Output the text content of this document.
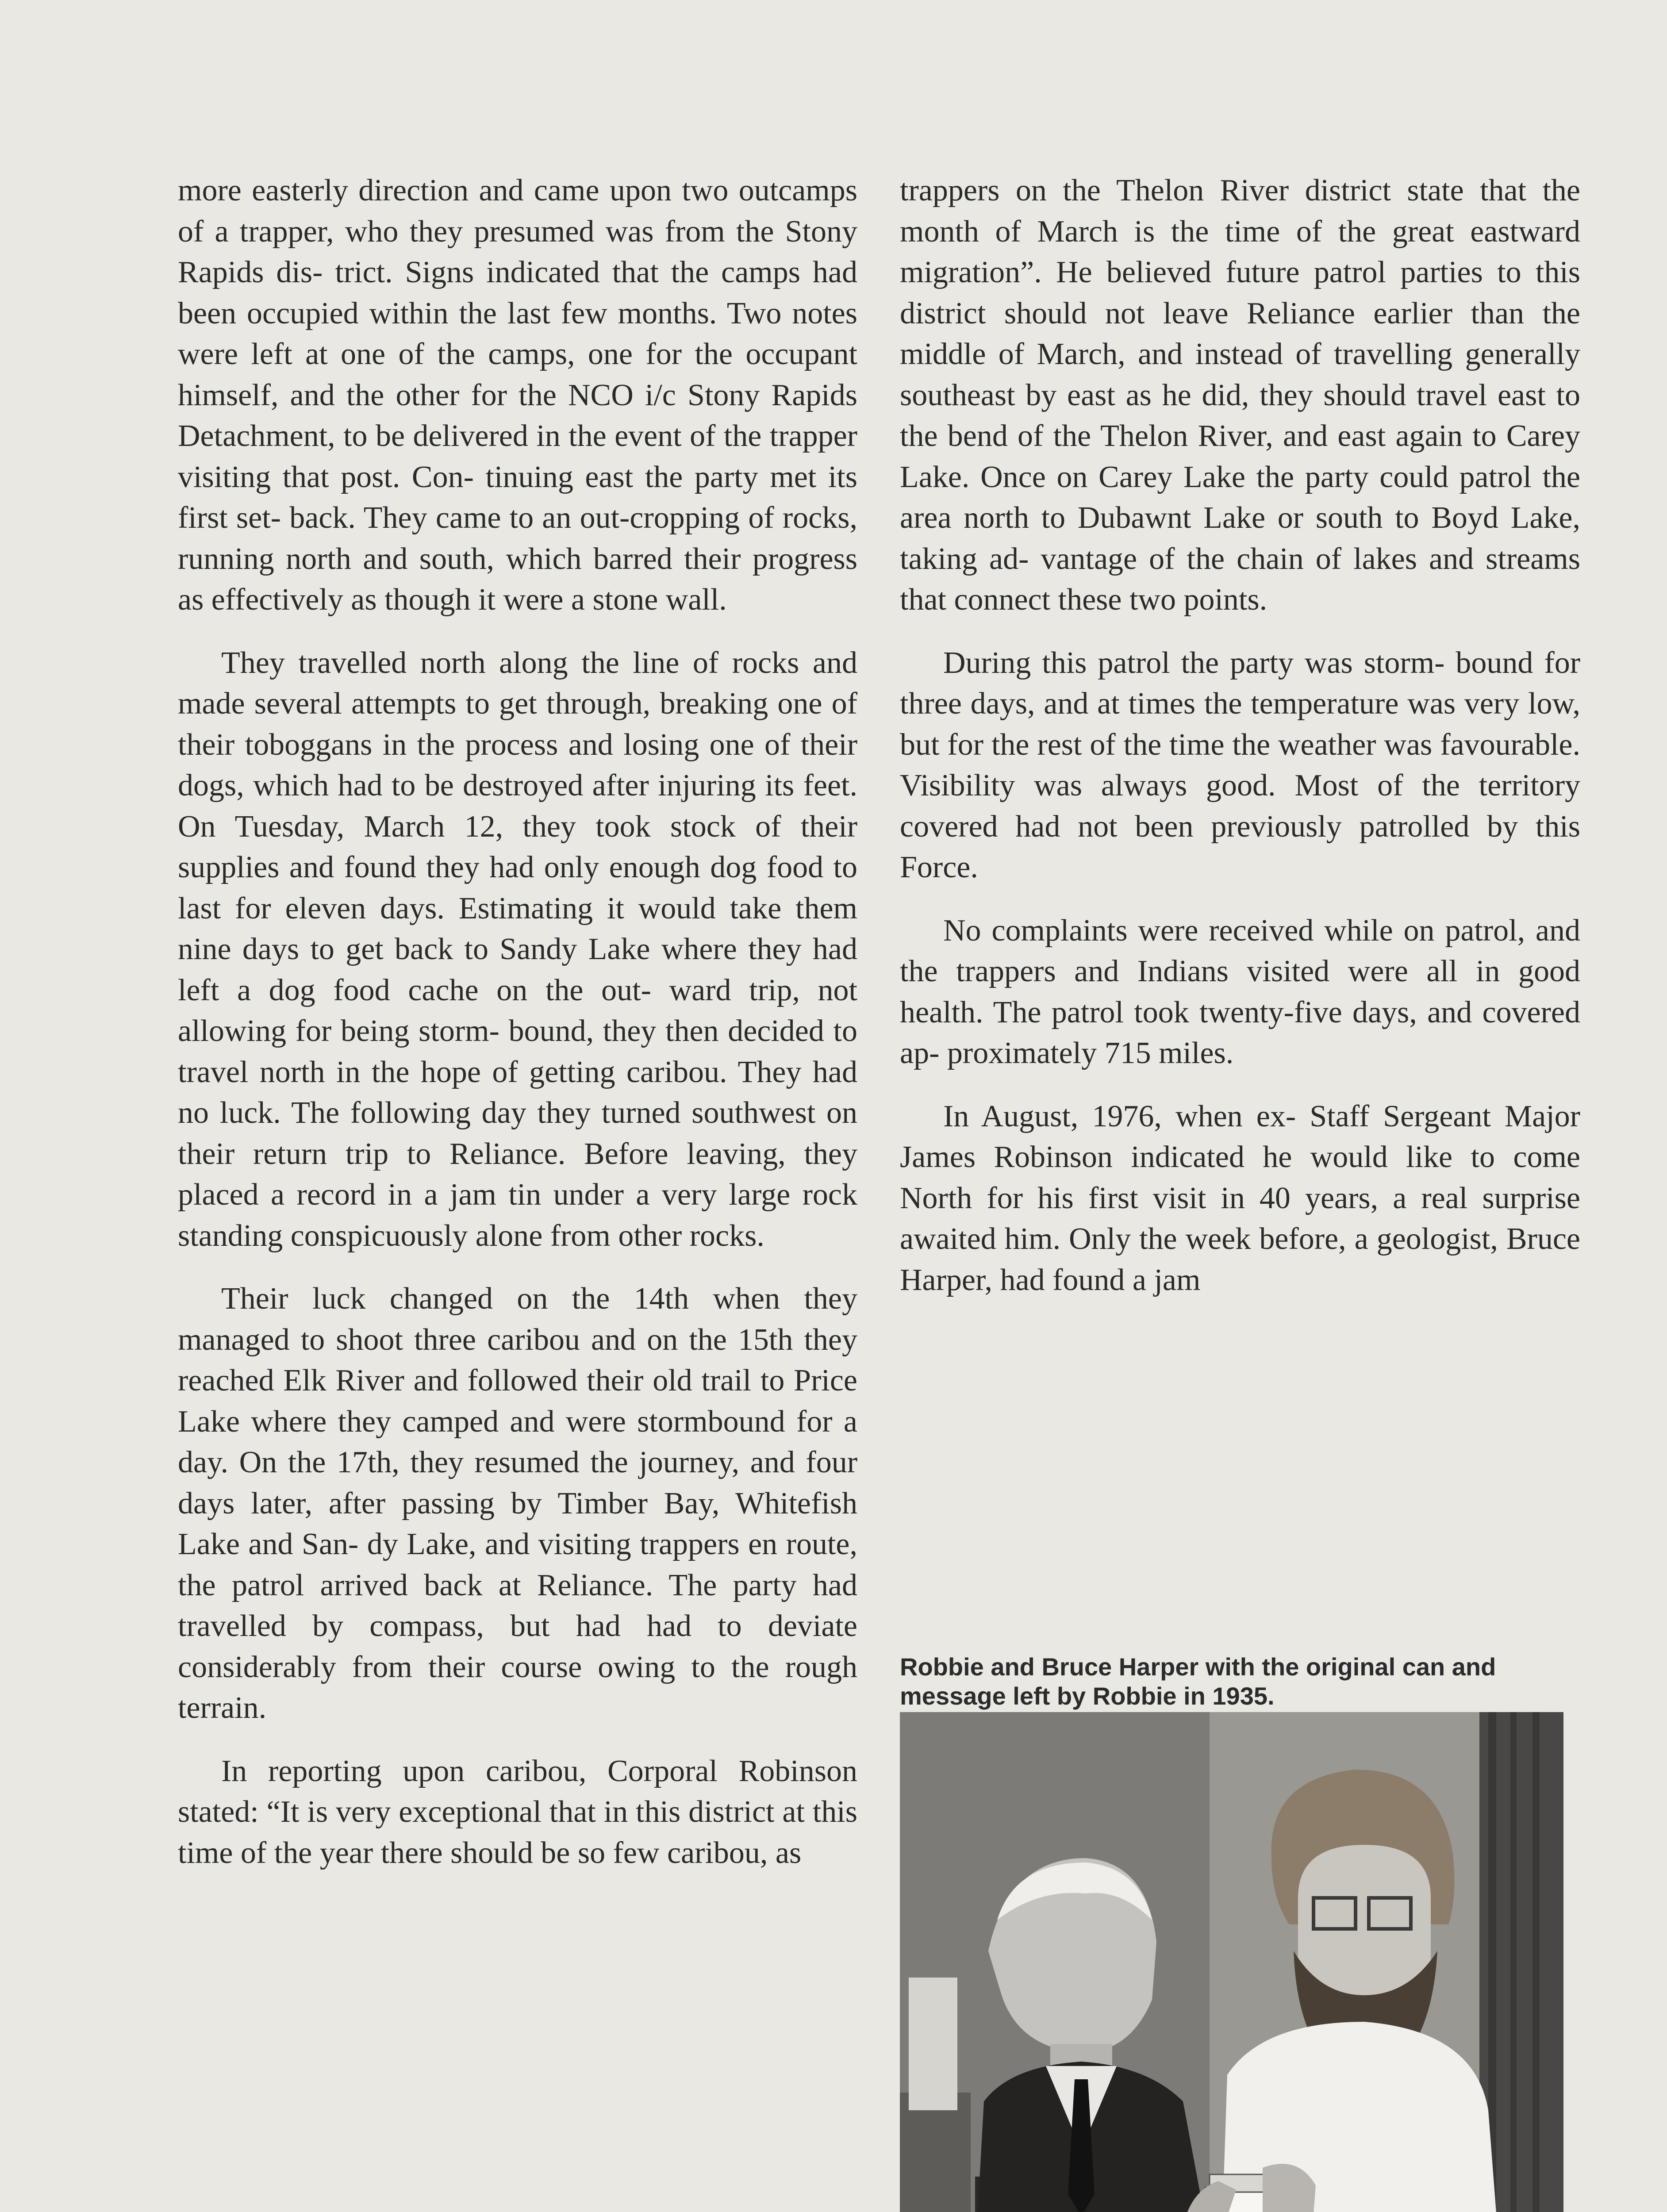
more easterly direction and came upon two outcamps of a trapper, who they presumed was from the Stony Rapids dis- trict. Signs indicated that the camps had been occupied within the last few months. Two notes were left at one of the camps, one for the occupant himself, and the other for the NCO i/c Stony Rapids Detachment, to be delivered in the event of the trapper visiting that post. Con- tinuing east the party met its first set- back. They came to an out-cropping of rocks, running north and south, which barred their progress as effectively as though it were a stone wall.

They travelled north along the line of rocks and made several attempts to get through, breaking one of their toboggans in the process and losing one of their dogs, which had to be destroyed after injuring its feet. On Tuesday, March 12, they took stock of their supplies and found they had only enough dog food to last for eleven days. Estimating it would take them nine days to get back to Sandy Lake where they had left a dog food cache on the out- ward trip, not allowing for being storm- bound, they then decided to travel north in the hope of getting caribou. They had no luck. The following day they turned southwest on their return trip to Reliance. Before leaving, they placed a record in a jam tin under a very large rock standing conspicuously alone from other rocks.

Their luck changed on the 14th when they managed to shoot three caribou and on the 15th they reached Elk River and followed their old trail to Price Lake where they camped and were stormbound for a day. On the 17th, they resumed the journey, and four days later, after passing by Timber Bay, Whitefish Lake and San- dy Lake, and visiting trappers en route, the patrol arrived back at Reliance. The party had travelled by compass, but had had to deviate considerably from their course owing to the rough terrain.

In reporting upon caribou, Corporal Robinson stated: “It is very exceptional that in this district at this time of the year there should be so few caribou, as

trappers on the Thelon River district state that the month of March is the time of the great eastward migration”. He believed future patrol parties to this district should not leave Reliance earlier than the middle of March, and instead of travelling generally southeast by east as he did, they should travel east to the bend of the Thelon River, and east again to Carey Lake. Once on Carey Lake the party could patrol the area north to Dubawnt Lake or south to Boyd Lake, taking ad- vantage of the chain of lakes and streams that connect these two points.

During this patrol the party was storm- bound for three days, and at times the temperature was very low, but for the rest of the time the weather was favourable. Visibility was always good. Most of the territory covered had not been previously patrolled by this Force.

No complaints were received while on patrol, and the trappers and Indians visited were all in good health. The patrol took twenty-five days, and covered ap- proximately 715 miles.

In August, 1976, when ex- Staff Sergeant Major James Robinson indicated he would like to come North for his first visit in 40 years, a real surprise awaited him. Only the week before, a geologist, Bruce Harper, had found a jam

Robbie and Bruce Harper with the original can and message left by Robbie in 1935.
